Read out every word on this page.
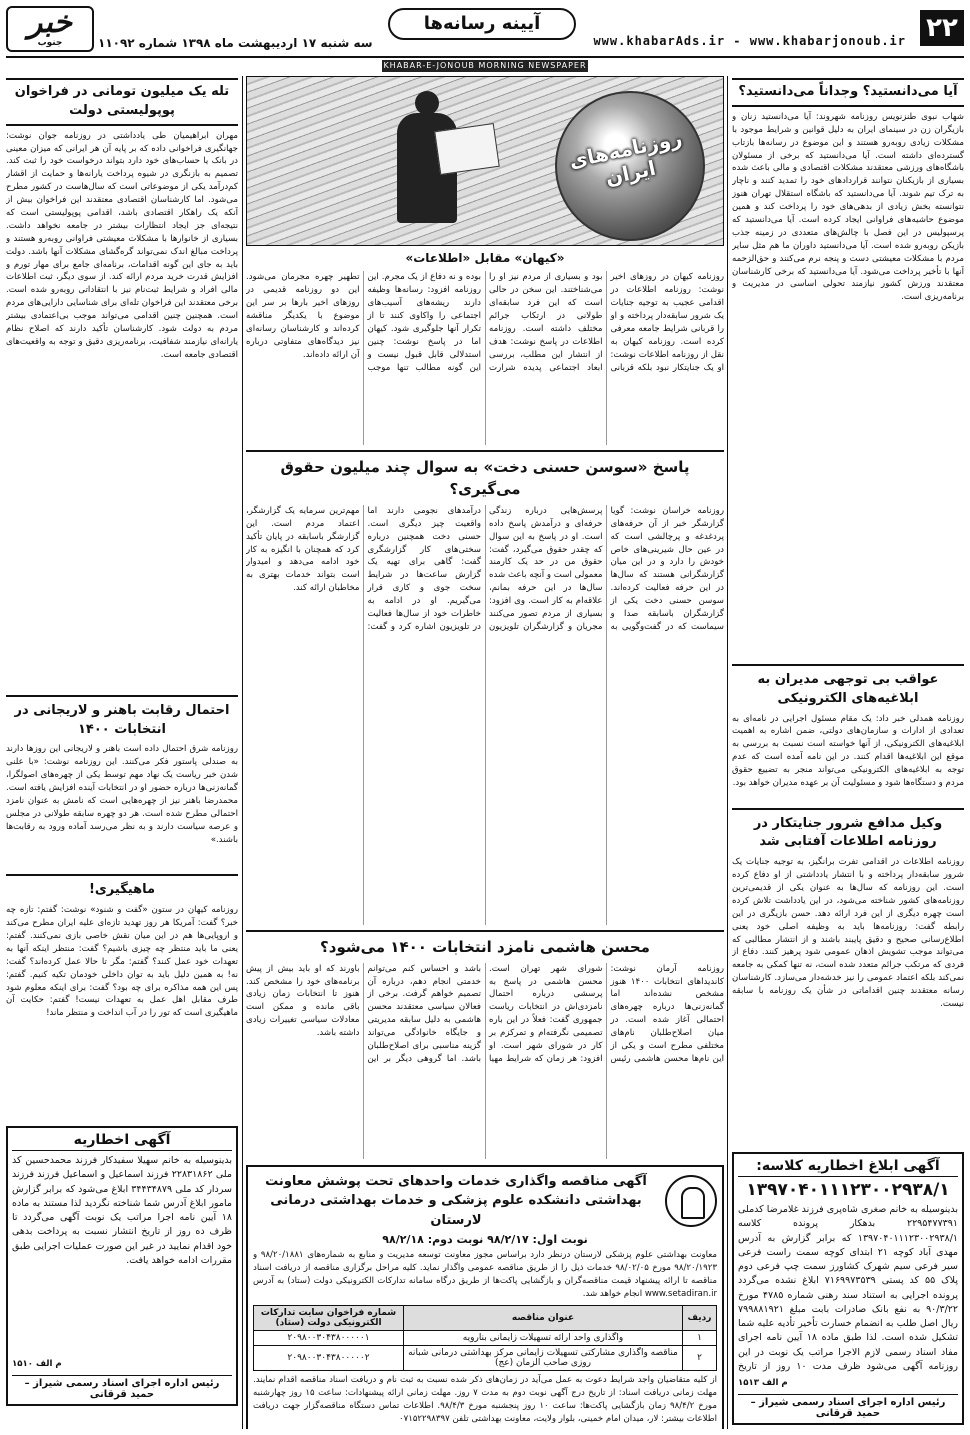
۲۲
www.khabarAds.ir - www.khabarjonoub.ir
آیینه رسانه‌ها
سه شنبه ۱۷ اردیبهشت ماه ۱۳۹۸ شماره ۱۱۰۹۲
خبر
جنوب
KHABAR-E-JONOUB MORNING NEWSPAPER
آیا می‌دانستید؟ وجداناً می‌دانستید؟
شهاب نبوی طنزنویس روزنامه شهروند: آیا می‌دانستید زنان و بازیگران زن در سینمای ایران به دلیل قوانین و شرایط موجود با مشکلات زیادی روبه‌رو هستند و این موضوع در رسانه‌ها بازتاب گسترده‌ای داشته است. آیا می‌دانستید که برخی از مسئولان باشگاه‌های ورزشی معتقدند مشکلات اقتصادی و مالی باعث شده بسیاری از بازیکنان نتوانند قراردادهای خود را تمدید کنند و ناچار به ترک تیم شوند. آیا می‌دانستید که باشگاه استقلال تهران هنوز نتوانسته بخش زیادی از بدهی‌های خود را پرداخت کند و همین موضوع حاشیه‌های فراوانی ایجاد کرده است. آیا می‌دانستید که پرسپولیس در این فصل با چالش‌های متعددی در زمینه جذب بازیکن روبه‌رو شده است. آیا می‌دانستید داوران ما هم مثل سایر مردم با مشکلات معیشتی دست و پنجه نرم می‌کنند و حق‌الزحمه آنها با تأخیر پرداخت می‌شود. آیا می‌دانستید که برخی کارشناسان معتقدند ورزش کشور نیازمند تحولی اساسی در مدیریت و برنامه‌ریزی است.
عواقب بی توجهی مدیران به ابلاغیه‌های الکترونیکی
روزنامه همدلی خبر داد: یک مقام مسئول اجرایی در نامه‌ای به تعدادی از ادارات و سازمان‌های دولتی، ضمن اشاره به اهمیت ابلاغیه‌های الکترونیکی، از آنها خواسته است نسبت به بررسی به موقع این ابلاغیه‌ها اقدام کنند. در این نامه آمده است که عدم توجه به ابلاغیه‌های الکترونیکی می‌تواند منجر به تضییع حقوق مردم و دستگاه‌ها شود و مسئولیت آن بر عهده مدیران خواهد بود.
وکیل مدافع شرور جنایتکار در روزنامه اطلاعات آفتابی شد
روزنامه اطلاعات در اقدامی تفرت برانگیز، به توجیه جنایات یک شرور سابقه‌دار پرداخته و با انتشار یادداشتی از او دفاع کرده است. این روزنامه که سال‌ها به عنوان یکی از قدیمی‌ترین روزنامه‌های کشور شناخته می‌شود، در این یادداشت تلاش کرده است چهره دیگری از این فرد ارائه دهد. حسن بازیگری در این رابطه گفت: روزنامه‌ها باید به وظیفه اصلی خود یعنی اطلاع‌رسانی صحیح و دقیق پایبند باشند و از انتشار مطالبی که می‌تواند موجب تشویش اذهان عمومی شود پرهیز کنند. دفاع از فردی که مرتکب جرائم متعدد شده است، نه تنها کمکی به جامعه نمی‌کند بلکه اعتماد عمومی را نیز خدشه‌دار می‌سازد. کارشناسان رسانه معتقدند چنین اقداماتی در شأن یک روزنامه با سابقه نیست.
آگهی ابلاغ اخطاریه کلاسه:
۱۳۹۷۰۴۰۱۱۱۲۳۰۰۲۹۳۸/۱
بدینوسیله به خانم صغری شاه‌پری فرزند غلامرضا کدملی ۲۲۹۵۴۷۷۳۹۱ بدهکار پرونده کلاسه ۱۳۹۷۰۴۰۱۱۱۲۳۰۰۲۹۳۸/۱ که برابر گزارش به آدرس مهدی آباد کوچه ۲۱ ابتدای کوچه سمت راست فرعی سیر فرعی سیم شهرک کشاورز سمت چپ فرعی دوم پلاک ۵۵ کد پستی ۷۱۶۹۹۷۳۵۳۹ ابلاغ نشده می‌گردد پرونده اجرایی به استناد سند رهنی شماره ۴۷۸۵ مورخ ۹۰/۳/۲۲ به نفع بانک صادرات بابت مبلغ ۷۹۹۸۸۱۹۲۱ ریال اصل طلب به انضمام خسارت تأخیر تأدیه علیه شما تشکیل شده است. لذا طبق ماده ۱۸ آیین نامه اجرای مفاد اسناد رسمی لازم الاجرا مراتب یک نوبت در این روزنامه آگهی می‌شود ظرف مدت ۱۰ روز از تاریخ
م الف ۱۵۱۳
رئیس اداره اجرای اسناد رسمی شیراز – حمید قرقانی
تله یک میلیون تومانی در فراخوان پوپولیستی دولت
مهران ابراهیمیان طی یادداشتی در روزنامه جوان نوشت: جهانگیری فراخوانی داده که بر پایه آن هر ایرانی که میزان معینی در بانک یا حساب‌های خود دارد بتواند درخواست خود را ثبت کند. تصمیم به بازنگری در شیوه پرداخت یارانه‌ها و حمایت از اقشار کم‌درآمد یکی از موضوعاتی است که سال‌هاست در کشور مطرح می‌شود. اما کارشناسان اقتصادی معتقدند این فراخوان بیش از آنکه یک راهکار اقتصادی باشد، اقدامی پوپولیستی است که نتیجه‌ای جز ایجاد انتظارات بیشتر در جامعه نخواهد داشت. بسیاری از خانوارها با مشکلات معیشتی فراوانی روبه‌رو هستند و پرداخت مبالغ اندک نمی‌تواند گره‌گشای مشکلات آنها باشد. دولت باید به جای این گونه اقدامات، برنامه‌ای جامع برای مهار تورم و افزایش قدرت خرید مردم ارائه کند. از سوی دیگر، ثبت اطلاعات مالی افراد و شرایط ثبت‌نام نیز با انتقاداتی روبه‌رو شده است. برخی معتقدند این فراخوان تله‌ای برای شناسایی دارایی‌های مردم است. همچنین چنین اقدامی می‌تواند موجب بی‌اعتمادی بیشتر مردم به دولت شود. کارشناسان تأکید دارند که اصلاح نظام یارانه‌ای نیازمند شفافیت، برنامه‌ریزی دقیق و توجه به واقعیت‌های اقتصادی جامعه است.
احتمال رقابت باهنر و لاریجانی در انتخابات ۱۴۰۰
روزنامه شرق احتمال داده است باهنر و لاریجانی این روزها دارند به صندلی پاستور فکر می‌کنند. این روزنامه نوشت: «با علنی شدن خبر ریاست یک نهاد مهم توسط یکی از چهره‌های اصولگرا، گمانه‌زنی‌ها درباره حضور او در انتخابات آینده افزایش یافته است. محمدرضا باهنر نیز از چهره‌هایی است که نامش به عنوان نامزد احتمالی مطرح شده است. هر دو چهره سابقه طولانی در مجلس و عرصه سیاست دارند و به نظر می‌رسد آماده ورود به رقابت‌ها باشند.»
ماهیگیری!
روزنامه کیهان در ستون «گفت و شنود» نوشت: گفتم: تازه چه خبر؟ گفت: آمریکا هر روز تهدید تازه‌ای علیه ایران مطرح می‌کند و اروپایی‌ها هم در این میان نقش خاصی بازی نمی‌کنند. گفتم: یعنی ما باید منتظر چه چیزی باشیم؟ گفت: منتظر اینکه آنها به تعهدات خود عمل کنند؟ گفتم: مگر تا حالا عمل کرده‌اند؟ گفت: نه! به همین دلیل باید به توان داخلی خودمان تکیه کنیم. گفتم: پس این همه مذاکره برای چه بود؟ گفت: برای اینکه معلوم شود طرف مقابل اهل عمل به تعهدات نیست! گفتم: حکایت آن ماهیگیری است که تور را در آب انداخت و منتظر ماند!
آگهی اخطاریه
بدینوسیله به خانم سهیلا سفیدکار فرزند محمدحسین کد ملی ۲۲۸۳۱۸۶۲ فرزند اسماعیل و اسماعیل فرزند فرزند سردار کد ملی ۳۴۴۳۴۸۷۹ ابلاغ می‌شود که برابر گزارش مامور ابلاغ آدرس شما شناخته نگردید لذا مستند به ماده ۱۸ آیین نامه اجرا مراتب یک نوبت آگهی می‌گردد تا ظرف ده روز از تاریخ انتشار نسبت به پرداخت بدهی خود اقدام نمایید در غیر این صورت عملیات اجرایی طبق مقررات ادامه خواهد یافت.
م الف ۱۵۱۰
رئیس اداره اجرای اسناد رسمی شیراز – حمید قرقانی
روزنامه‌های ایران
«کیهان» مقابل «اطلاعات»
روزنامه کیهان در روزهای اخیر نوشت: روزنامه اطلاعات در اقدامی عجیب به توجیه جنایات یک شرور سابقه‌دار پرداخته و او را قربانی شرایط جامعه معرفی کرده است. روزنامه کیهان به نقل از روزنامه اطلاعات نوشت: او یک جنایتکار نبود بلکه قربانی بود و بسیاری از مردم نیز او را می‌شناختند. این سخن در حالی است که این فرد سابقه‌ای طولانی در ارتکاب جرائم مختلف داشته است. روزنامه اطلاعات در پاسخ نوشت: هدف از انتشار این مطلب، بررسی ابعاد اجتماعی پدیده شرارت بوده و نه دفاع از یک مجرم. این روزنامه افزود: رسانه‌ها وظیفه دارند ریشه‌های آسیب‌های اجتماعی را واکاوی کنند تا از تکرار آنها جلوگیری شود. کیهان اما در پاسخ نوشت: چنین استدلالی قابل قبول نیست و این گونه مطالب تنها موجب تطهیر چهره مجرمان می‌شود. این دو روزنامه قدیمی در روزهای اخیر بارها بر سر این موضوع با یکدیگر مناقشه کرده‌اند و کارشناسان رسانه‌ای نیز دیدگاه‌های متفاوتی درباره آن ارائه داده‌اند.
پاسخ «سوسن حسنی دخت» به سوال چند میلیون حقوق می‌گیری؟
روزنامه خراسان نوشت: گویا گزارشگر خبر از آن حرفه‌های پردغدغه و پرچالشی است که در عین حال شیرینی‌های خاص خودش را دارد و در این میان گزارشگرانی هستند که سال‌ها در این حرفه فعالیت کرده‌اند. سوسن حسنی دخت یکی از گزارشگران باسابقه صدا و سیماست که در گفت‌وگویی به پرسش‌هایی درباره زندگی حرفه‌ای و درآمدش پاسخ داده است. او در پاسخ به این سوال که چقدر حقوق می‌گیرد، گفت: حقوق من در حد یک کارمند معمولی است و آنچه باعث شده سال‌ها در این حرفه بمانم، علاقه‌ام به کار است. وی افزود: بسیاری از مردم تصور می‌کنند مجریان و گزارشگران تلویزیون درآمدهای نجومی دارند اما واقعیت چیز دیگری است. حسنی دخت همچنین درباره سختی‌های کار گزارشگری گفت: گاهی برای تهیه یک گزارش ساعت‌ها در شرایط سخت جوی و کاری قرار می‌گیریم. او در ادامه به خاطرات خود از سال‌ها فعالیت در تلویزیون اشاره کرد و گفت: مهم‌ترین سرمایه یک گزارشگر، اعتماد مردم است. این گزارشگر باسابقه در پایان تأکید کرد که همچنان با انگیزه به کار خود ادامه می‌دهد و امیدوار است بتواند خدمات بهتری به مخاطبان ارائه کند.
محسن هاشمی نامزد انتخابات ۱۴۰۰ می‌شود؟
روزنامه آرمان نوشت: کاندیداهای انتخابات ۱۴۰۰ هنوز مشخص نشده‌اند اما گمانه‌زنی‌ها درباره چهره‌های احتمالی آغاز شده است. در میان اصلاح‌طلبان نام‌های مختلفی مطرح است و یکی از این نام‌ها محسن هاشمی رئیس شورای شهر تهران است. محسن هاشمی در پاسخ به پرسشی درباره احتمال نامزدی‌اش در انتخابات ریاست جمهوری گفت: فعلاً در این باره تصمیمی نگرفته‌ام و تمرکزم بر کار در شورای شهر است. او افزود: هر زمان که شرایط مهیا باشد و احساس کنم می‌توانم خدمتی انجام دهم، درباره آن تصمیم خواهم گرفت. برخی از فعالان سیاسی معتقدند محسن هاشمی به دلیل سابقه مدیریتی و جایگاه خانوادگی می‌تواند گزینه مناسبی برای اصلاح‌طلبان باشد. اما گروهی دیگر بر این باورند که او باید بیش از پیش برنامه‌های خود را مشخص کند. هنوز تا انتخابات زمان زیادی باقی مانده و ممکن است معادلات سیاسی تغییرات زیادی داشته باشد.
آگهی مناقصه واگذاری خدمات واحدهای تحت پوشش معاونت بهداشتی دانشکده علوم پزشکی و خدمات بهداشتی درمانی لارستان
نوبت اول: ۹۸/۲/۱۷ نوبت دوم: ۹۸/۲/۱۸
معاونت بهداشتی علوم پزشکی لارستان درنظر دارد براساس مجوز معاونت توسعه مدیریت و منابع به شماره‌های ۹۸/۲۰/۱۸۸۱ و ۹۸/۲۰/۱۹۲۳ مورخ ۹۸/۰۲/۰۵ خدمات ذیل را از طریق مناقصه عمومی واگذار نماید. کلیه مراحل برگزاری مناقصه از دریافت اسناد مناقصه تا ارائه پیشنهاد قیمت مناقصه‌گران و بازگشایی پاکت‌ها از طریق درگاه سامانه تدارکات الکترونیکی دولت (ستاد) به آدرس www.setadiran.ir انجام خواهد شد.
ردیف	عنوان مناقصه	شماره فراخوان سایت تدارکات الکترونیکی دولت (ستاد)
۱	واگذاری واحد ارائه تسهیلات زایمانی بنارویه	۲۰۹۸۰۰۳۰۴۳۸۰۰۰۰۰۱
۲	مناقصه واگذاری مشارکتی تسهیلات زایمانی مرکز بهداشتی درمانی شبانه روزی صاحب الزمان (عج)	۲۰۹۸۰۰۳۰۴۳۸۰۰۰۰۰۲
از کلیه متقاضیان واجد شرایط دعوت به عمل می‌آید در زمان‌های ذکر شده نسبت به ثبت نام و دریافت اسناد مناقصه اقدام نمایند. مهلت زمانی دریافت اسناد: از تاریخ درج آگهی نوبت دوم به مدت ۷ روز. مهلت زمانی ارائه پیشنهادات: ساعت ۱۵ روز چهارشنبه مورخ ۹۸/۴/۲ زمان بازگشایی پاکت‌ها: ساعت ۱۰ روز پنجشنبه مورخ ۹۸/۴/۳. اطلاعات تماس دستگاه مناقصه‌گزار جهت دریافت اطلاعات بیشتر: لار، میدان امام خمینی، بلوار ولایت، معاونت بهداشتی تلفن ۰۷۱۵۲۲۹۸۳۹۷
